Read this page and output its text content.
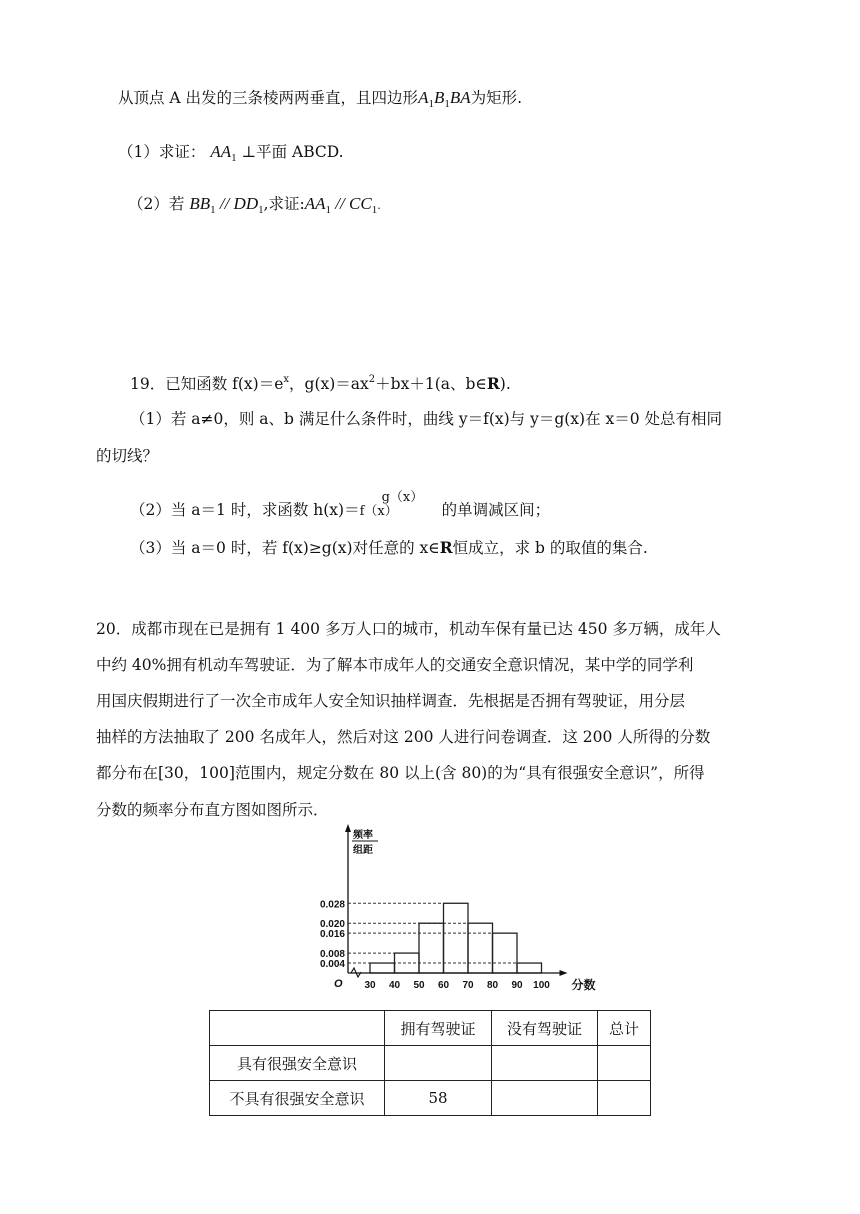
从顶点 A 出发的三条棱两两垂直，且四边形$A_1B_1BA$为矩形.
（1）求证： $AA_1$ ⊥平面 ABCD.
（2）若 $BB_1 // DD_1$,求证$:AA_1 // CC_1$.
19．已知函数 $f(x)=e^x$，$g(x)=ax^2+bx+1(a$、b∈R).
（1）若 a≠0，则 a、b 满足什么条件时，曲线 y＝f(x)与 y＝g(x)在 x＝0 处总有相同
的切线？
（2）当 a＝1 时，求函数 h(x)＝
g（x）
f（x）	的单调减区间；
（3）当 a＝0 时，若 f(x)≥g(x)对任意的 x∈R恒成立，求 b 的取值的集合.
20．成都市现在已是拥有 1 400 多万人口的城市，机动车保有量已达 450 多万辆，成年人
中约 40%拥有机动车驾驶证．为了解本市成年人的交通安全意识情况，某中学的同学利
用国庆假期进行了一次全市成年人安全知识抽样调查．先根据是否拥有驾驶证，用分层
抽样的方法抽取了 200 名成年人，然后对这 200 人进行问卷调查．这 200 人所得的分数
都分布在[30，100]范围内，规定分数在 80 以上(含 80)的为“具有很强安全意识”，所得
分数的频率分布直方图如图所示．
0.004
0.008
0.016
0.020
0.028
30 40 50 60 70 80 90 100 分数
O
频率
组距
	拥有驾驶证	没有驾驶证	总计
具有很强安全意识			
不具有很强安全意识	58		
